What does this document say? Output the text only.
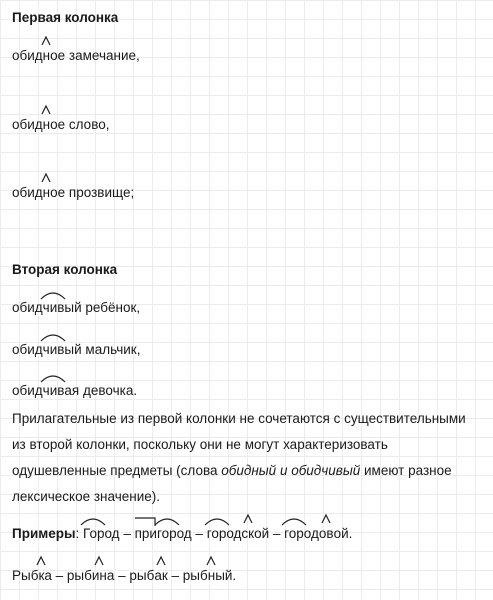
Первая колонка
обид
ное замечание,
обид
ное слово,
обид
ное прозвище;
Вторая колонка
обид
чивый ребёнок,
обид
чивый мальчик,
обид
чивая девочка.
Прилагательные из первой колонки не сочетаются с существительными из второй колонки, поскольку они не могут характеризовать одушевленные предметы (слова обидный и обидчивый имеют разное лексическое значение).
Примеры:
Город –
при
город –
город
ской –
город
овой.
Рыб
ка – рыб
ина – рыб
ак – рыб
ный.
